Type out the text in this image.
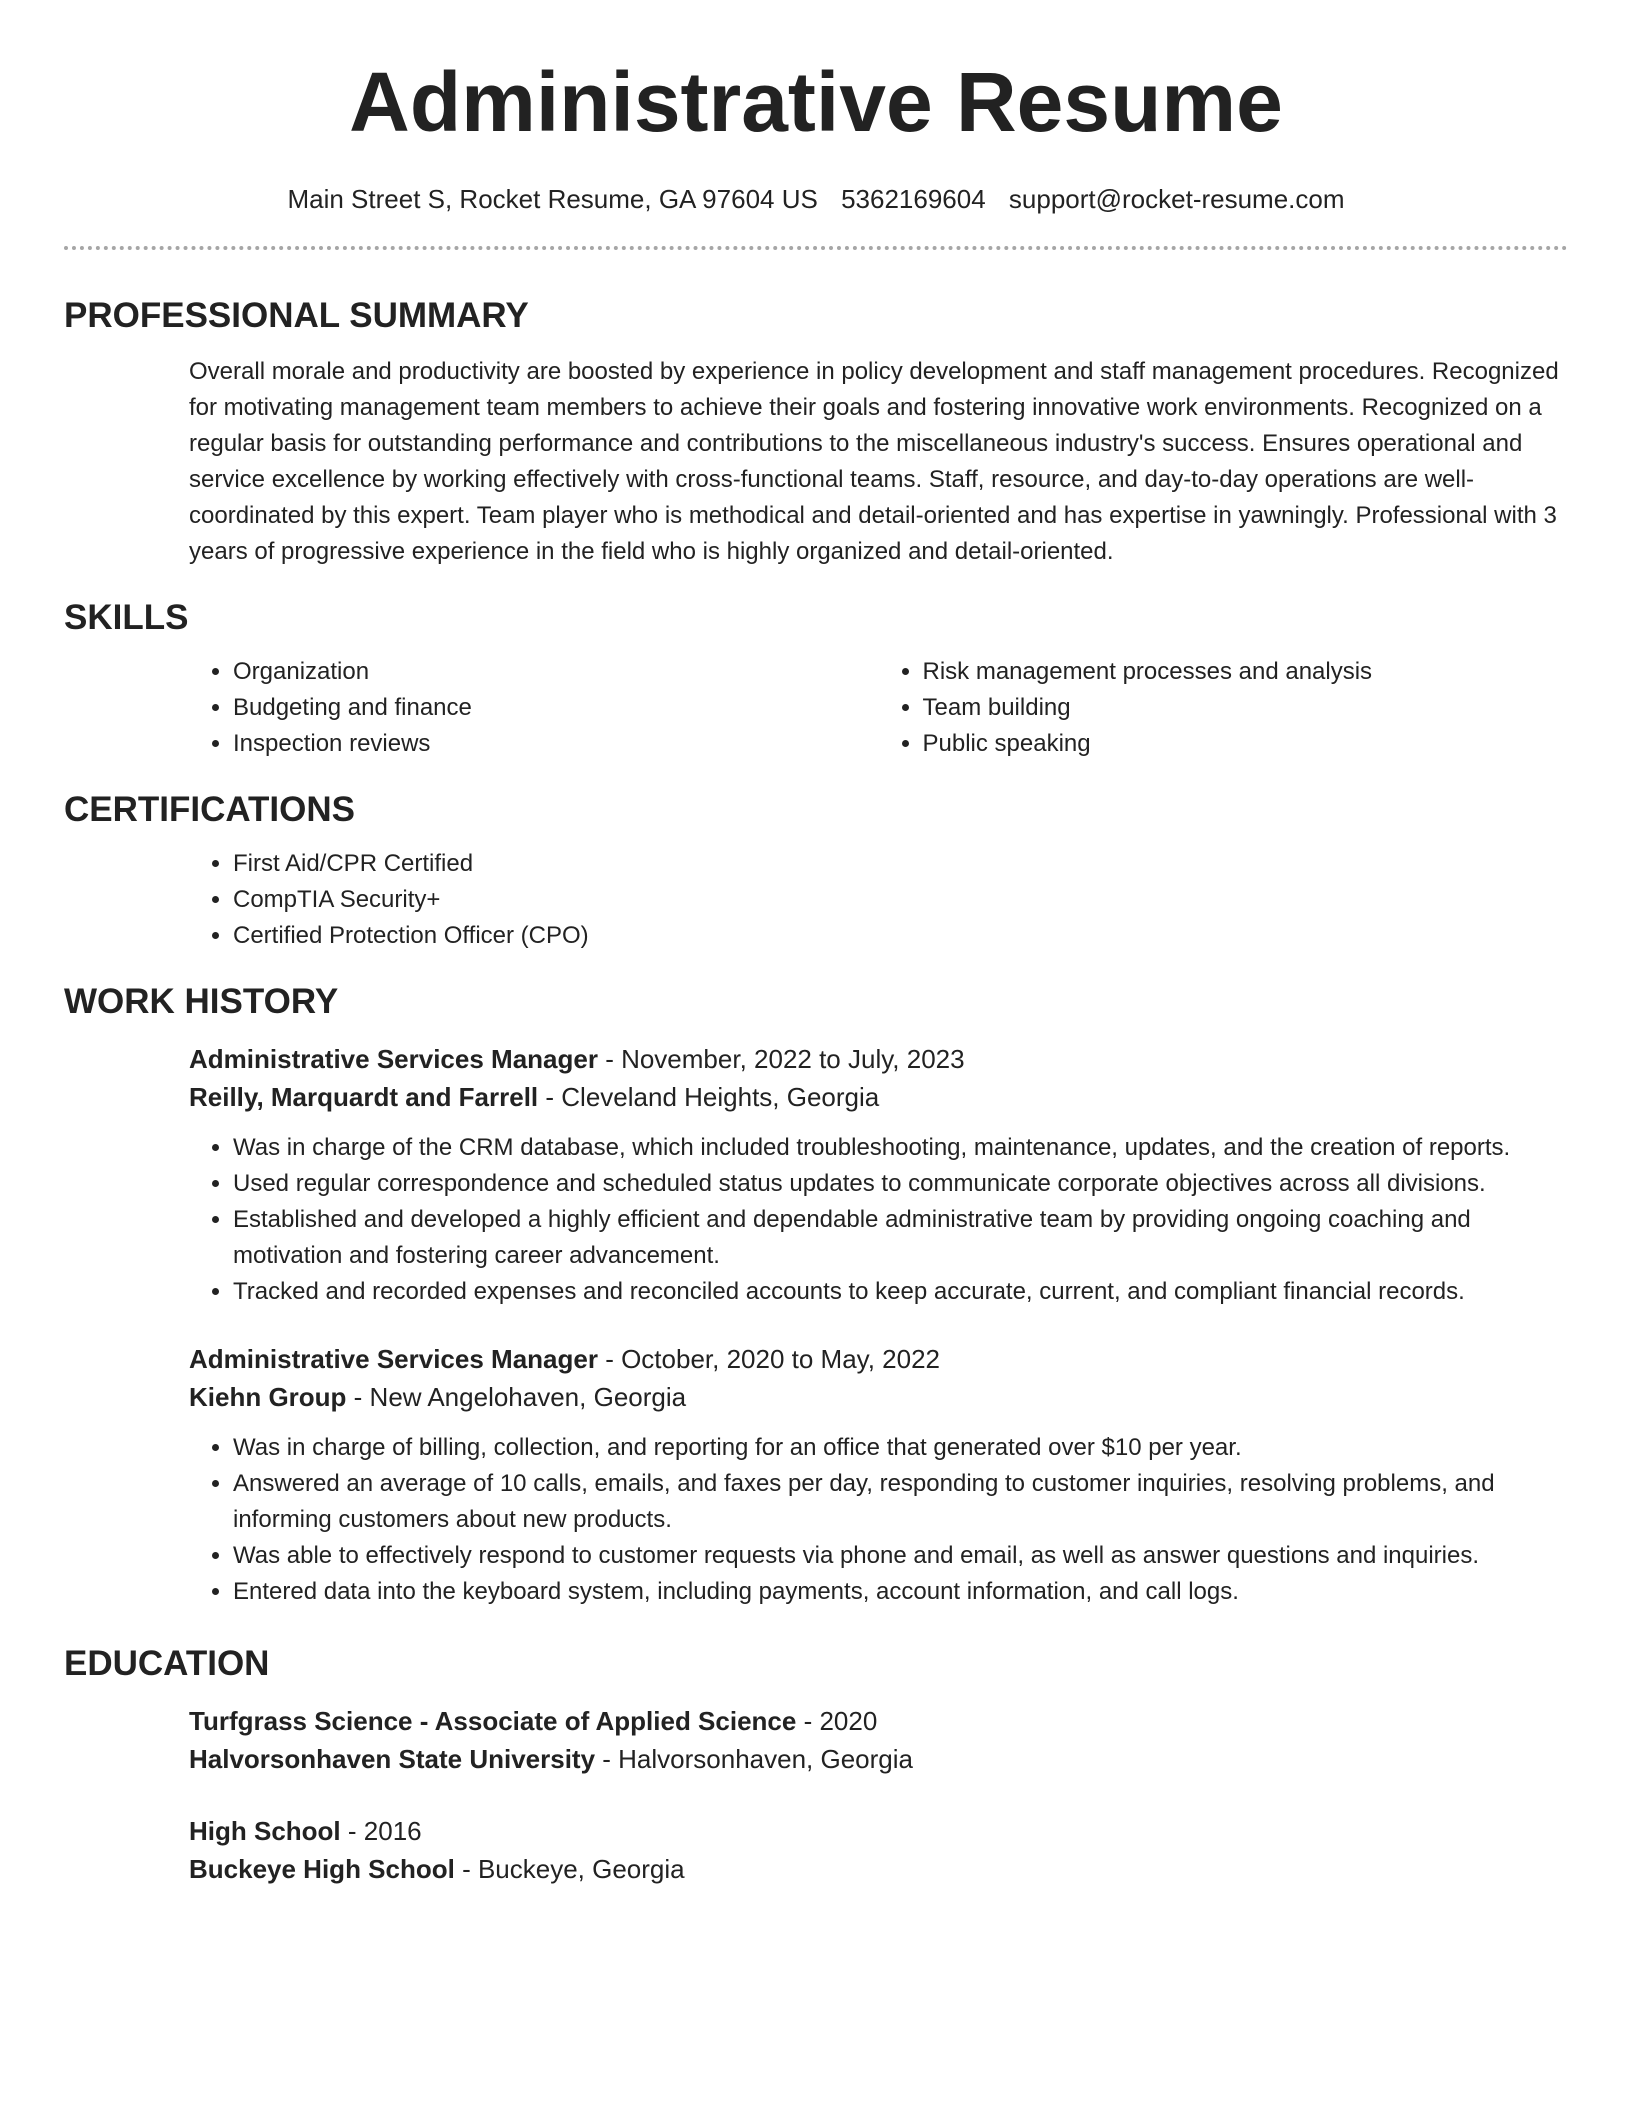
Administrative Resume
Main Street S, Rocket Resume, GA 97604 US 5362169604 support@rocket-resume.com
PROFESSIONAL SUMMARY

Overall morale and productivity are boosted by experience in policy development and staff management procedures. Recognized for motivating management team members to achieve their goals and fostering innovative work environments. Recognized on a regular basis for outstanding performance and contributions to the miscellaneous industry's success. Ensures operational and service excellence by working effectively with cross-functional teams. Staff, resource, and day-to-day operations are well-coordinated by this expert. Team player who is methodical and detail-oriented and has expertise in yawningly. Professional with 3 years of progressive experience in the field who is highly organized and detail-oriented.

SKILLS
• Organization
• Budgeting and finance
• Inspection reviews
• Risk management processes and analysis
• Team building
• Public speaking
CERTIFICATIONS
• First Aid/CPR Certified
• CompTIA Security+
• Certified Protection Officer (CPO)
WORK HISTORY
Administrative Services Manager - November, 2022 to July, 2023
Reilly, Marquardt and Farrell - Cleveland Heights, Georgia
• Was in charge of the CRM database, which included troubleshooting, maintenance, updates, and the creation of reports.
• Used regular correspondence and scheduled status updates to communicate corporate objectives across all divisions.
• Established and developed a highly efficient and dependable administrative team by providing ongoing coaching and motivation and fostering career advancement.
• Tracked and recorded expenses and reconciled accounts to keep accurate, current, and compliant financial records.
Administrative Services Manager - October, 2020 to May, 2022
Kiehn Group - New Angelohaven, Georgia
• Was in charge of billing, collection, and reporting for an office that generated over $10 per year.
• Answered an average of 10 calls, emails, and faxes per day, responding to customer inquiries, resolving problems, and informing customers about new products.
• Was able to effectively respond to customer requests via phone and email, as well as answer questions and inquiries.
• Entered data into the keyboard system, including payments, account information, and call logs.
EDUCATION
Turfgrass Science - Associate of Applied Science - 2020
Halvorsonhaven State University - Halvorsonhaven, Georgia
High School - 2016
Buckeye High School - Buckeye, Georgia
